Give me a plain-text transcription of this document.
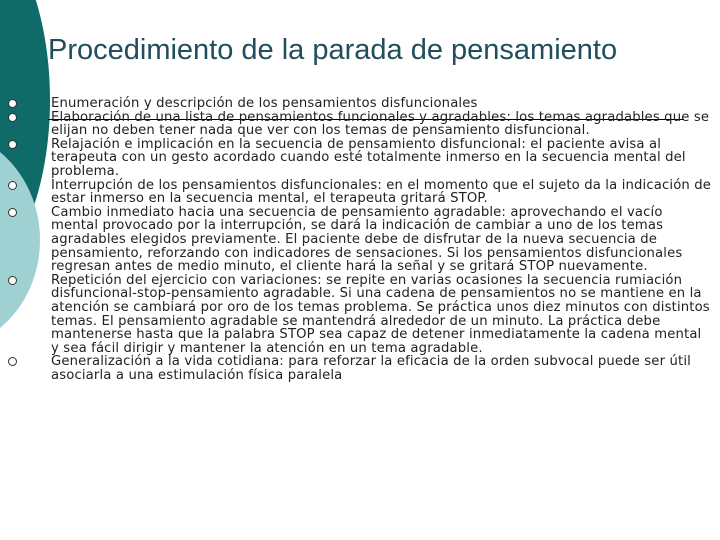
Procedimiento de la parada de pensamiento
Enumeración y descripción de los pensamientos disfuncionales
Elaboración de una lista de pensamientos funcionales y agradables: los temas agradables que se elijan no deben tener nada que ver con los temas de pensamiento disfuncional.
Relajación e implicación en la secuencia de pensamiento disfuncional: el paciente avisa al terapeuta con un gesto acordado cuando esté totalmente inmerso en la secuencia mental del problema.
Interrupción de los pensamientos disfuncionales: en el momento que el sujeto da la indicación de estar inmerso en la secuencia mental, el terapeuta gritará STOP.
Cambio inmediato hacia una secuencia de pensamiento agradable: aprovechando el vacío mental provocado por la interrupción, se dará la indicación de cambiar a uno de los temas agradables elegidos previamente. El paciente debe de disfrutar de la nueva secuencia de pensamiento, reforzando con indicadores de sensaciones. Si los pensamientos disfuncionales regresan antes de medio minuto, el cliente hará la señal y se gritará STOP nuevamente.
Repetición del ejercicio con variaciones: se repite en varias ocasiones la secuencia rumiación disfuncional-stop-pensamiento agradable. Si una cadena de pensamientos no se mantiene en la atención se cambiará por oro de los temas problema. Se práctica unos diez minutos con distintos temas. El pensamiento agradable se mantendrá alrededor de un minuto. La práctica debe mantenerse hasta que la palabra STOP sea capaz de detener inmediatamente la cadena mental y sea fácil dirigir y mantener la atención en un tema agradable.
Generalización a la vida cotidiana: para reforzar la eficacia de la orden subvocal puede ser útil asociarla a una estimulación física paralela
